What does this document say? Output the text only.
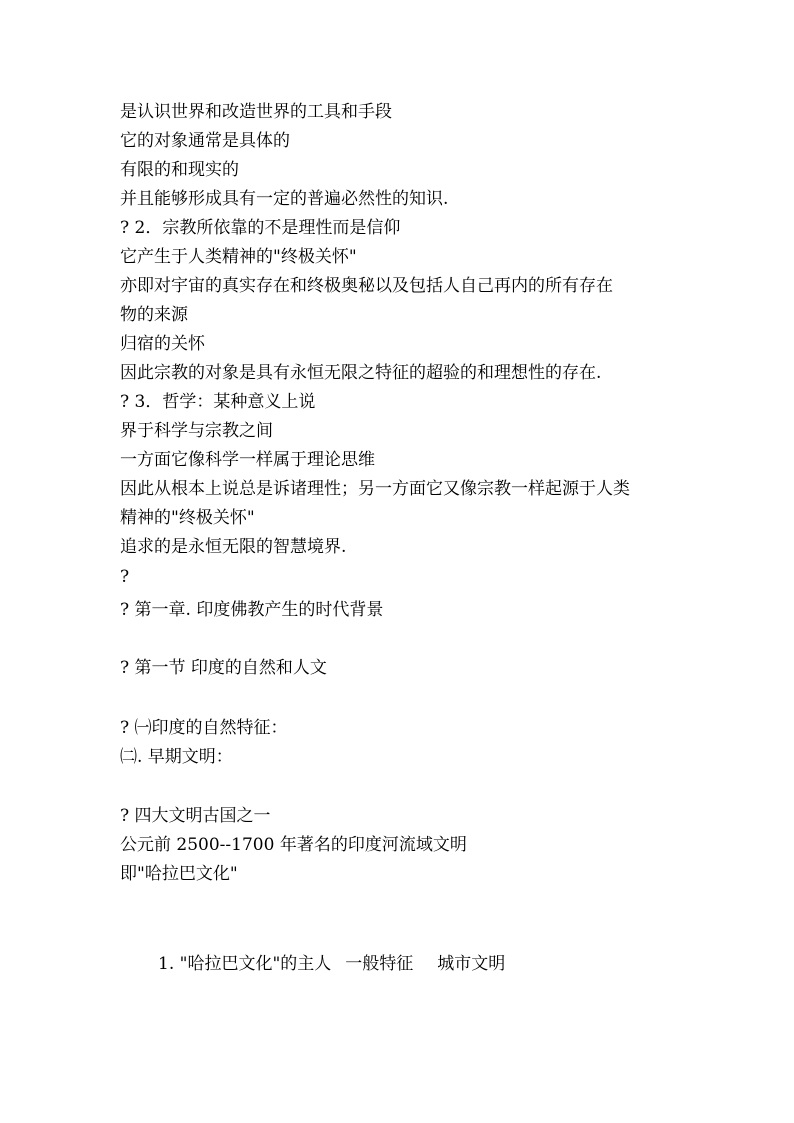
是认识世界和改造世界的工具和手段
它的对象通常是具体的
有限的和现实的
并且能够形成具有一定的普遍必然性的知识.
? 2．宗教所依靠的不是理性而是信仰
它产生于人类精神的"终极关怀"
亦即对宇宙的真实存在和终极奥秘以及包括人自己再内的所有存在
物的来源
归宿的关怀
因此宗教的对象是具有永恒无限之特征的超验的和理想性的存在.
? 3．哲学：某种意义上说
界于科学与宗教之间
一方面它像科学一样属于理论思维
因此从根本上说总是诉诸理性；另一方面它又像宗教一样起源于人类
精神的"终极关怀"
追求的是永恒无限的智慧境界.
?
? 第一章. 印度佛教产生的时代背景
? 第一节 印度的自然和人文
? ㈠印度的自然特征：
㈡. 早期文明：
? 四大文明古国之一
公元前 2500--1700 年著名的印度河流域文明
即"哈拉巴文化"
1. "哈拉巴文化"的主人 一般特征 城市文明
